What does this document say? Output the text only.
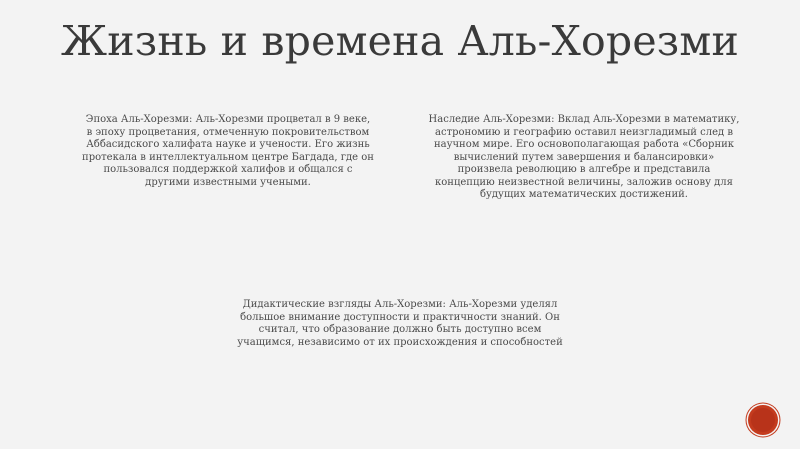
Жизнь и времена Аль-Хорезми
Эпоха Аль-Хорезми: Аль-Хорезми процветал в 9 веке, в эпоху процветания, отмеченную покровительством Аббасидского халифата науке и учености. Его жизнь протекала в интеллектуальном центре Багдада, где он пользовался поддержкой халифов и общался с другими известными учеными.
Наследие Аль-Хорезми: Вклад Аль-Хорезми в математику, астрономию и географию оставил неизгладимый след в научном мире. Его основополагающая работа «Сборник вычислений путем завершения и балансировки» произвела революцию в алгебре и представила концепцию неизвестной величины, заложив основу для будущих математических достижений.
Дидактические взгляды Аль-Хорезми: Аль-Хорезми уделял большое внимание доступности и практичности знаний. Он считал, что образование должно быть доступно всем учащимся, независимо от их происхождения и способностей
